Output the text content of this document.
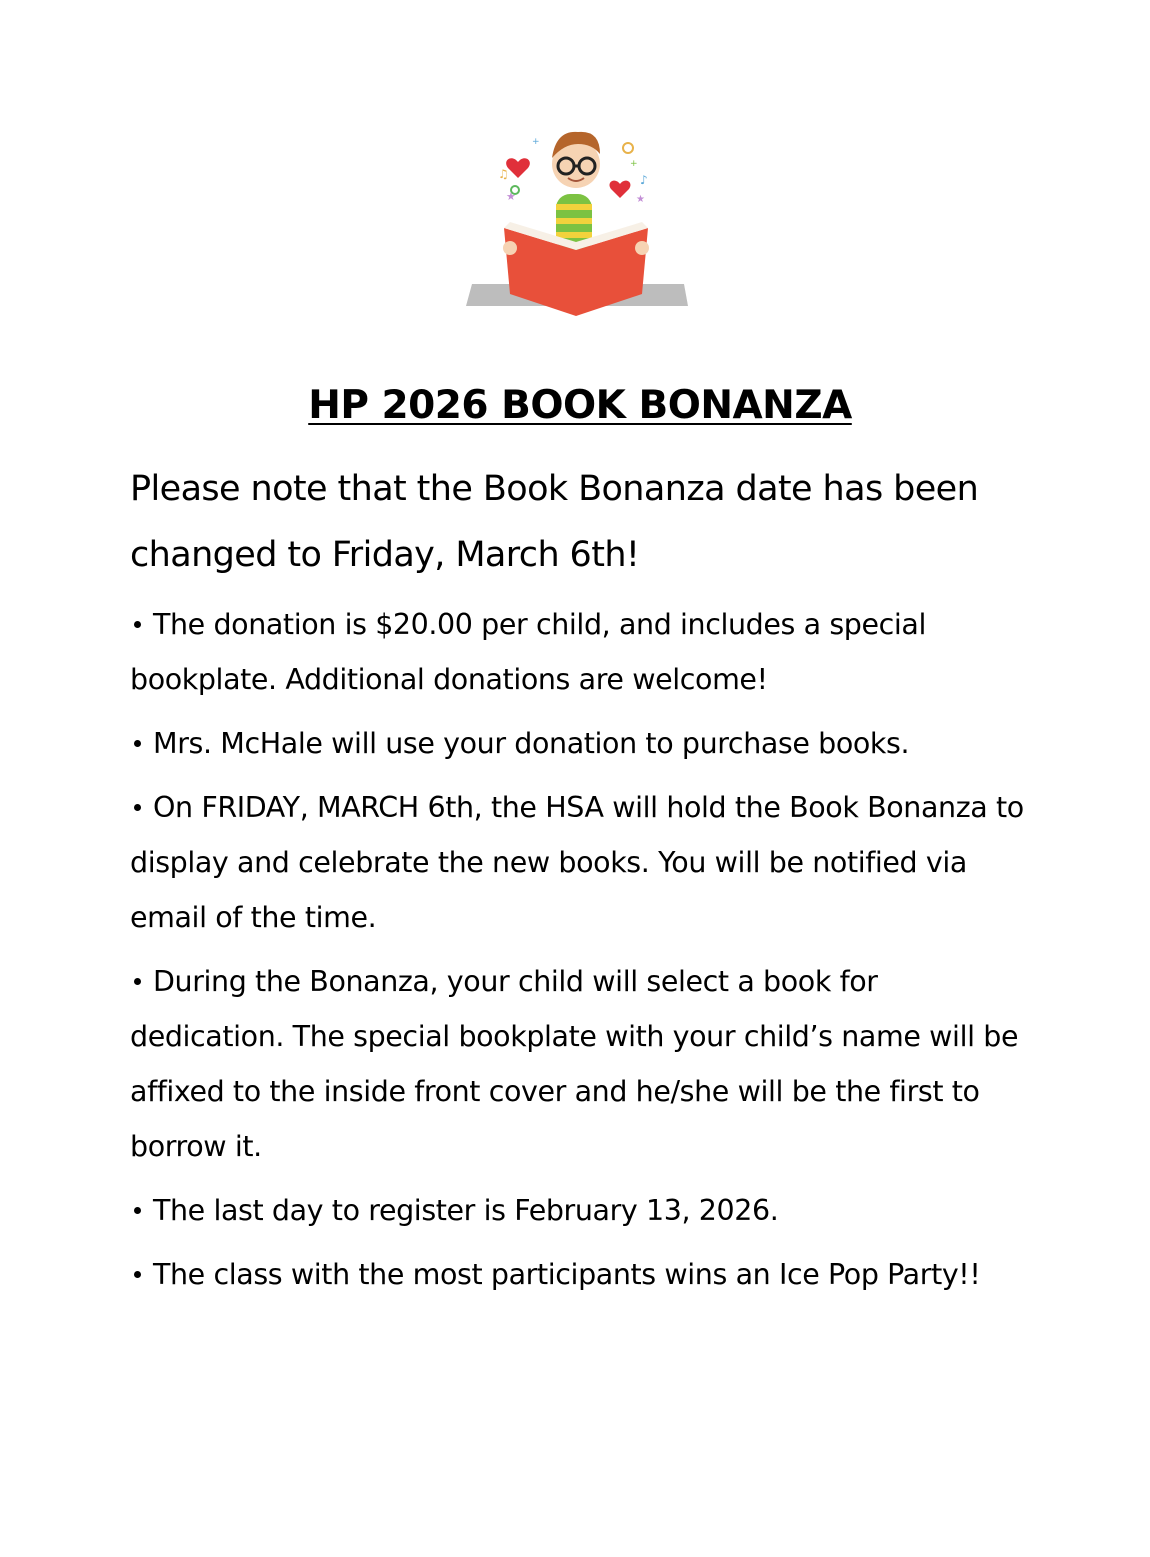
♫	♪
★	★
+
+
HP 2026 BOOK BONANZA

Please note that the Book Bonanza date has been changed to Friday, March 6th!

The donation is $20.00 per child, and includes a special bookplate. Additional donations are welcome!
Mrs. McHale will use your donation to purchase books.
On FRIDAY, MARCH 6th, the HSA will hold the Book Bonanza to display and celebrate the new books. You will be notified via email of the time.
During the Bonanza, your child will select a book for dedication. The special bookplate with your child’s name will be affixed to the inside front cover and he/she will be the first to borrow it.
The last day to register is February 13, 2026.
The class with the most participants wins an Ice Pop Party!!
